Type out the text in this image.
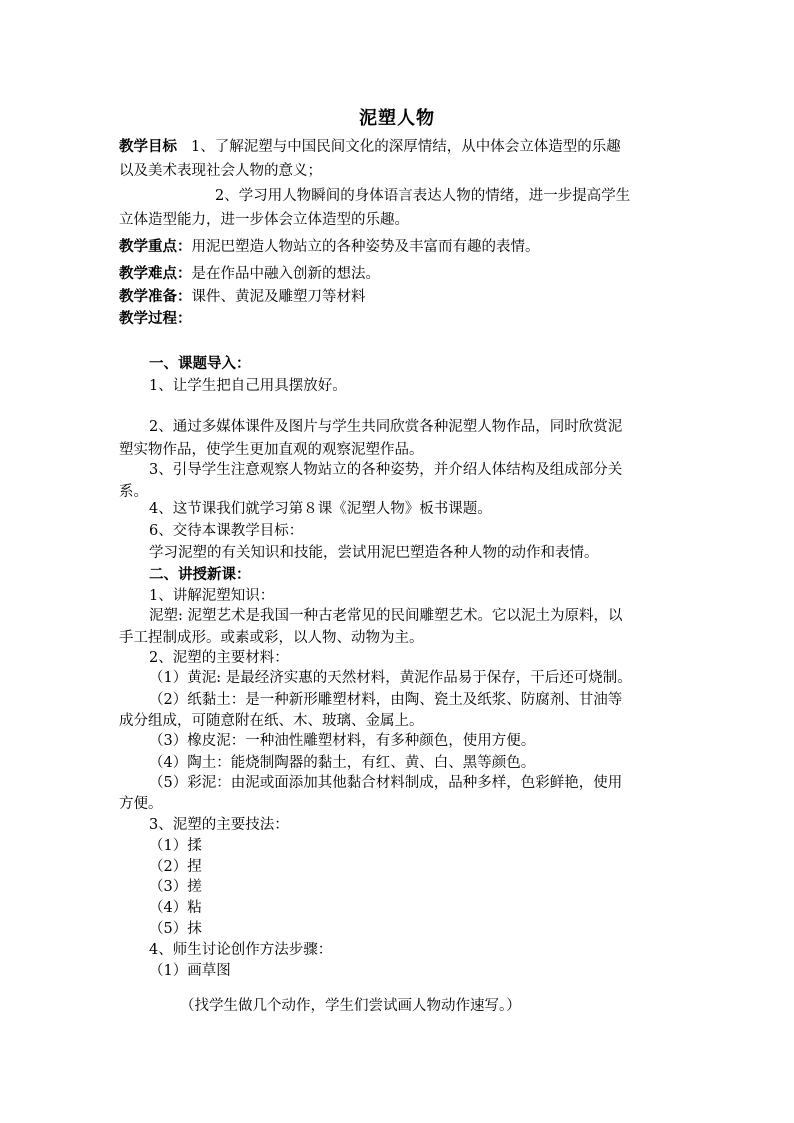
泥塑人物
教学目标 1、了解泥塑与中国民间文化的深厚情结，从中体会立体造型的乐趣
以及美术表现社会人物的意义；
2、学习用人物瞬间的身体语言表达人物的情绪，进一步提高学生
立体造型能力，进一步体会立体造型的乐趣。
教学重点：用泥巴塑造人物站立的各种姿势及丰富而有趣的表情。
教学难点：是在作品中融入创新的想法。
教学准备：课件、黄泥及雕塑刀等材料
教学过程：
一、课题导入：
1、让学生把自己用具摆放好。
2、通过多媒体课件及图片与学生共同欣赏各种泥塑人物作品，同时欣赏泥
塑实物作品，使学生更加直观的观察泥塑作品。
3、引导学生注意观察人物站立的各种姿势，并介绍人体结构及组成部分关
系。
4、这节课我们就学习第８课《泥塑人物》板书课题。
6、交待本课教学目标：
学习泥塑的有关知识和技能，尝试用泥巴塑造各种人物的动作和表情。
二、讲授新课：
1、讲解泥塑知识：
泥塑: 泥塑艺术是我国一种古老常见的民间雕塑艺术。它以泥土为原料，以
手工捏制成形。或素或彩，以人物、动物为主。
2、泥塑的主要材料：
（1）黄泥: 是最经济实惠的天然材料，黄泥作品易于保存，干后还可烧制。
（2）纸黏土：是一种新形雕塑材料，由陶、瓷土及纸浆、防腐剂、甘油等
成分组成，可随意附在纸、木、玻璃、金属上。
（3）橡皮泥：一种油性雕塑材料，有多种颜色，使用方便。
（4）陶土：能烧制陶器的黏土，有红、黄、白、黑等颜色。
（5）彩泥：由泥或面添加其他黏合材料制成，品种多样，色彩鲜艳，使用
方便。
3、泥塑的主要技法：
（1）揉
（2）捏
（3）搓
（4）粘
（5）抹
4、师生讨论创作方法步骤：
（1）画草图
（找学生做几个动作，学生们尝试画人物动作速写。）
